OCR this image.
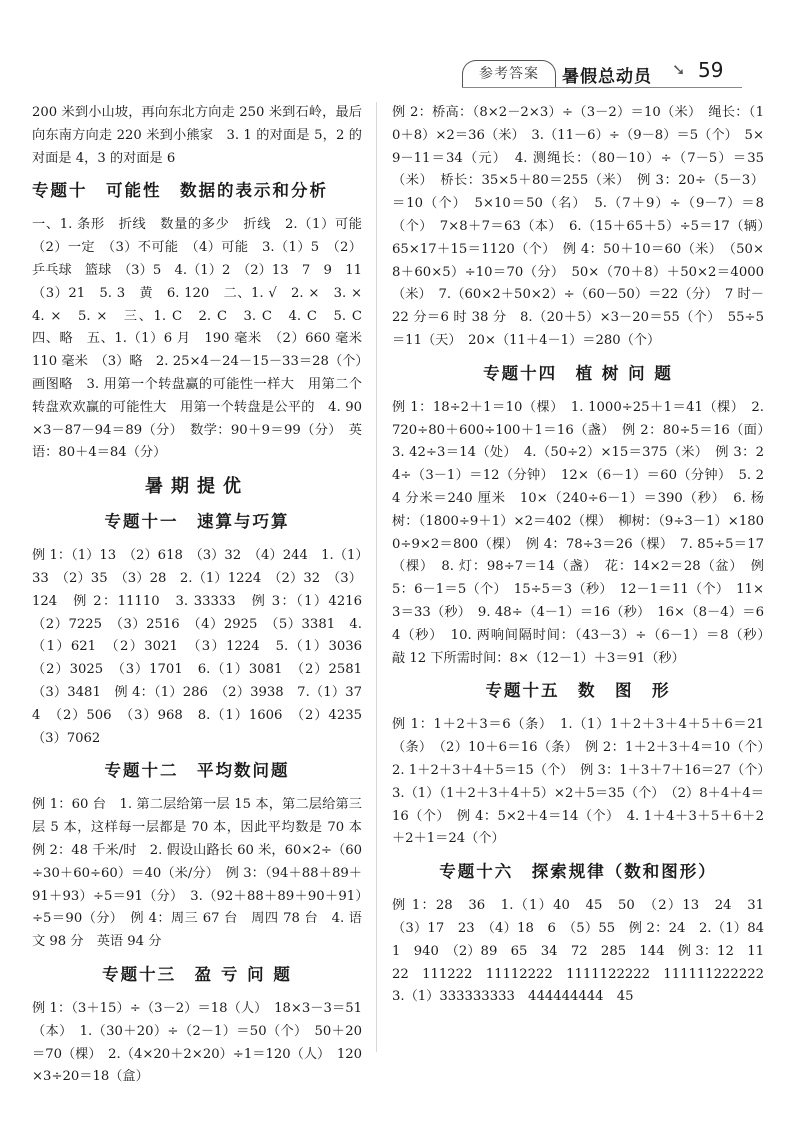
参考答案	暑假总动员 ➘ 59

200 米到小山坡，再向东北方向走 250 米到石岭，最后向东南方向走 220 米到小熊家　3. 1 的对面是 5，2 的对面是 4，3 的对面是 6

专题十　可能性　数据的表示和分析

一、1. 条形　折线　数量的多少　折线　2.（1）可能　（2）一定　（3）不可能　（4）可能　3.（1）5　（2）乒乓球　篮球　（3）5　4.（1）2　（2）13　7　9　11　（3）21　5. 3　黄　6. 120　二、1. √　2. ×　3. ×　4. ×　5. ×　三、1. C　2. C　3. C　4. C　5. C　四、略　五、1.（1）6 月　190 毫米　（2）660 毫米　110 毫米　（3）略　2. 25×4－24－15－33＝28（个）　画图略　3. 用第一个转盘赢的可能性一样大　用第二个转盘欢欢赢的可能性大　用第一个转盘是公平的　4. 90×3－87－94＝89（分）　数学：90＋9＝99（分）　英语：80＋4＝84（分）

暑期提优
专题十一　速算与巧算

例 1：（1）13　（2）618　（3）32　（4）244　1.（1）33　（2）35　（3）28　2.（1）1224　（2）32　（3）124　例 2：11110　3. 33333　例 3：（1）4216　（2）7225　（3）2516　（4）2925　（5）3381　4.（1）621　（2）3021　（3）1224　5.（1）3036　（2）3025　（3）1701　6.（1）3081　（2）2581　（3）3481　例 4：（1）286　（2）3938　7.（1）374　（2）506　（3）968　8.（1）1606　（2）4235　（3）7062

专题十二　平均数问题

例 1：60 台　1. 第二层给第一层 15 本，第二层给第三层 5 本，这样每一层都是 70 本，因此平均数是 70 本　例 2：48 千米/时　2. 假设山路长 60 米，60×2÷（60÷30＋60÷60）＝40（米/分）　例 3：（94＋88＋89＋91＋93）÷5＝91（分）　3.（92＋88＋89＋90＋91）÷5＝90（分）　例 4：周三 67 台　周四 78 台　4. 语文 98 分　英语 94 分

专题十三　盈 亏 问 题

例 1：（3＋15）÷（3－2）＝18（人）　18×3－3＝51（本）　1.（30＋20）÷（2－1）＝50（个）　50＋20＝70（棵）　2.（4×20＋2×20）÷1＝120（人）　120×3÷20＝18（盒）

例 2：桥高：（8×2－2×3）÷（3－2）＝10（米）　绳长：（10＋8）×2＝36（米）　3.（11－6）÷（9－8）＝5（个）　5×9－11＝34（元）　4. 测绳长：（80－10）÷（7－5）＝35（米）　桥长：35×5＋80＝255（米）　例 3：20÷（5－3）＝10（个）　5×10＝50（名）　5.（7＋9）÷（9－7）＝8（个）　7×8＋7＝63（本）　6.（15＋65＋5）÷5＝17（辆）　65×17＋15＝1120（个）　例 4：50＋10＝60（米）　（50×8＋60×5）÷10＝70（分）　50×（70＋8）＋50×2＝4000（米）　7.（60×2＋50×2）÷（60－50）＝22（分）　7 时－22 分＝6 时 38 分　8.（20＋5）×3－20＝55（个）　55÷5＝11（天）　20×（11＋4－1）＝280（个）

专题十四　植 树 问 题

例 1：18÷2＋1＝10（棵）　1. 1000÷25＋1＝41（棵）　2. 720÷80＋600÷100＋1＝16（盏）　例 2：80÷5＝16（面）　3. 42÷3＝14（处）　4.（50÷2）×15＝375（米）　例 3：24÷（3－1）＝12（分钟）　12×（6－1）＝60（分钟）　5. 24 分米＝240 厘米　10×（240÷6－1）＝390（秒）　6. 杨树：（1800÷9＋1）×2＝402（棵）　柳树：（9÷3－1）×1800÷9×2＝800（棵）　例 4：78÷3＝26（棵）　7. 85÷5＝17（棵）　8. 灯：98÷7＝14（盏）　花：14×2＝28（盆）　例 5：6－1＝5（个）　15÷5＝3（秒）　12－1＝11（个）　11×3＝33（秒）　9. 48÷（4－1）＝16（秒）　16×（8－4）＝64（秒）　10. 两响间隔时间：（43－3）÷（6－1）＝8（秒）　敲 12 下所需时间：8×（12－1）＋3＝91（秒）

专题十五　数　图　形

例 1：1＋2＋3＝6（条）　1.（1）1＋2＋3＋4＋5＋6＝21（条）　（2）10＋6＝16（条）　例 2：1＋2＋3＋4＝10（个）　2. 1＋2＋3＋4＋5＝15（个）　例 3：1＋3＋7＋16＝27（个）　3.（1）（1＋2＋3＋4＋5）×2＋5＝35（个）　（2）8＋4＋4＝16（个）　例 4：5×2＋4＝14（个）　4. 1＋4＋3＋5＋6＋2＋2＋1＝24（个）

专题十六　探索规律（数和图形）

例 1：28　36　1.（1）40　45　50　（2）13　24　31　（3）17　23　（4）18　6　（5）55　例 2：24　2.（1）841　940　（2）89　65　34　72　285　144　例 3：12　1122　111222　11112222　1111122222　111111222222　3.（1）333333333　444444444　45
